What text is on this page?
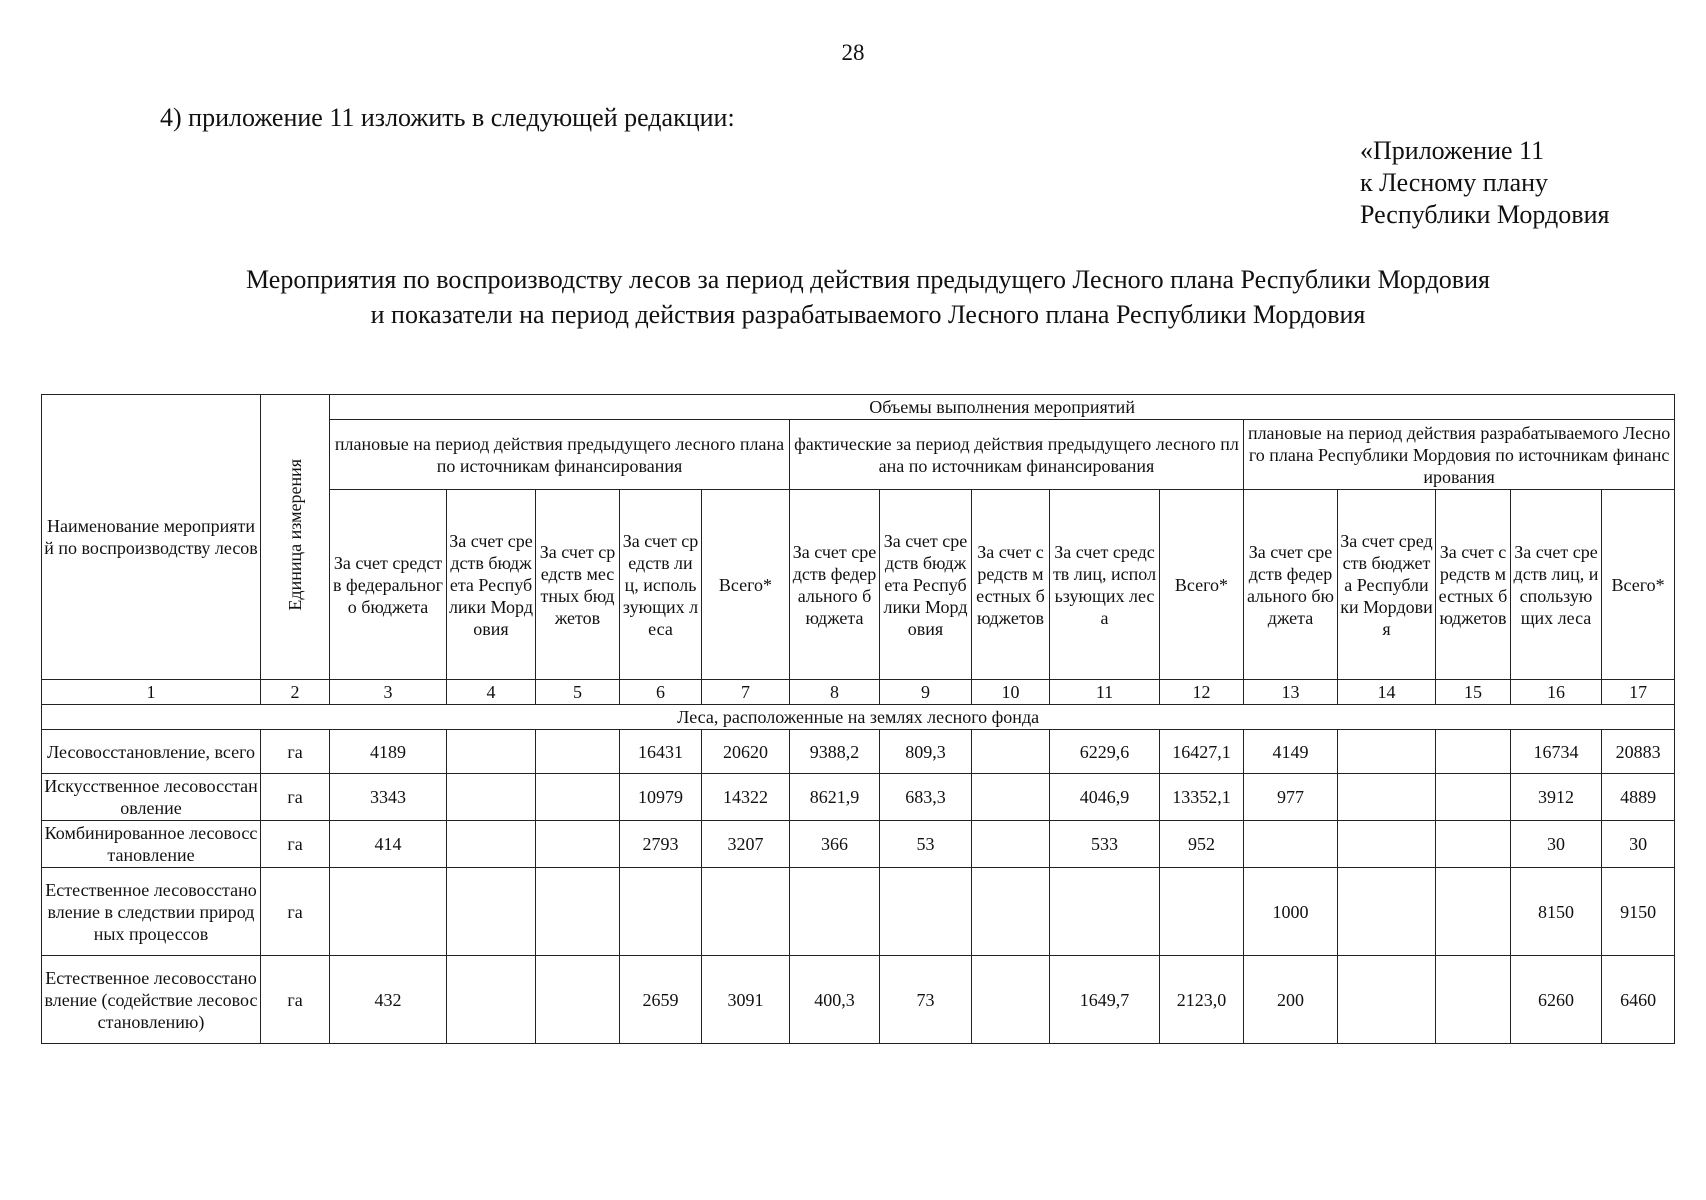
28
4) приложение 11 изложить в следующей редакции:
«Приложение 11
к Лесному плану
Республики Мордовия
Мероприятия по воспроизводству лесов за период действия предыдущего Лесного плана Республики Мордовия
и показатели на период действия разрабатываемого Лесного плана Республики Мордовия
Наименование мероприятий по воспроизводству лесов	Единица измерения	Объемы выполнения мероприятий														
		плановые на период действия предыдущего лесного плана по источникам финансирования					фактические за период действия предыдущего лесного плана по источникам финансирования					плановые на период действия разрабатываемого Лесного плана Республики Мордовия по источникам финансирования				
		За счет средств федерального бюджета	За счет средств бюджета Республики Мордовия	За счет средств местных бюджетов	За счет средств лиц, использующих леса	Всего*	За счет средств федерального бюджета	За счет средств бюджета Республики Мордовия	За счет средств местных бюджетов	За счет средств лиц, использующих леса	Всего*	За счет средств федерального бюджета	За счет средств бюджета Республики Мордовия	За счет средств местных бюджетов	За счет средств лиц, использующих леса	Всего*
1	2	3	4	5	6	7	8	9	10	11	12	13	14	15	16	17
Леса, расположенные на землях лесного фонда																
Лесовосстановление, всего	га	4189			16431	20620	9388,2	809,3		6229,6	16427,1	4149			16734	20883
Искусственное лесовосстановление	га	3343			10979	14322	8621,9	683,3		4046,9	13352,1	977			3912	4889
Комбинированное лесовосстановление	га	414			2793	3207	366	53		533	952				30	30
Естественное лесовосстановление в следствии природных процессов	га											1000			8150	9150
Естественное лесовосстановление (содействие лесовосстановлению)	га	432			2659	3091	400,3	73		1649,7	2123,0	200			6260	6460
